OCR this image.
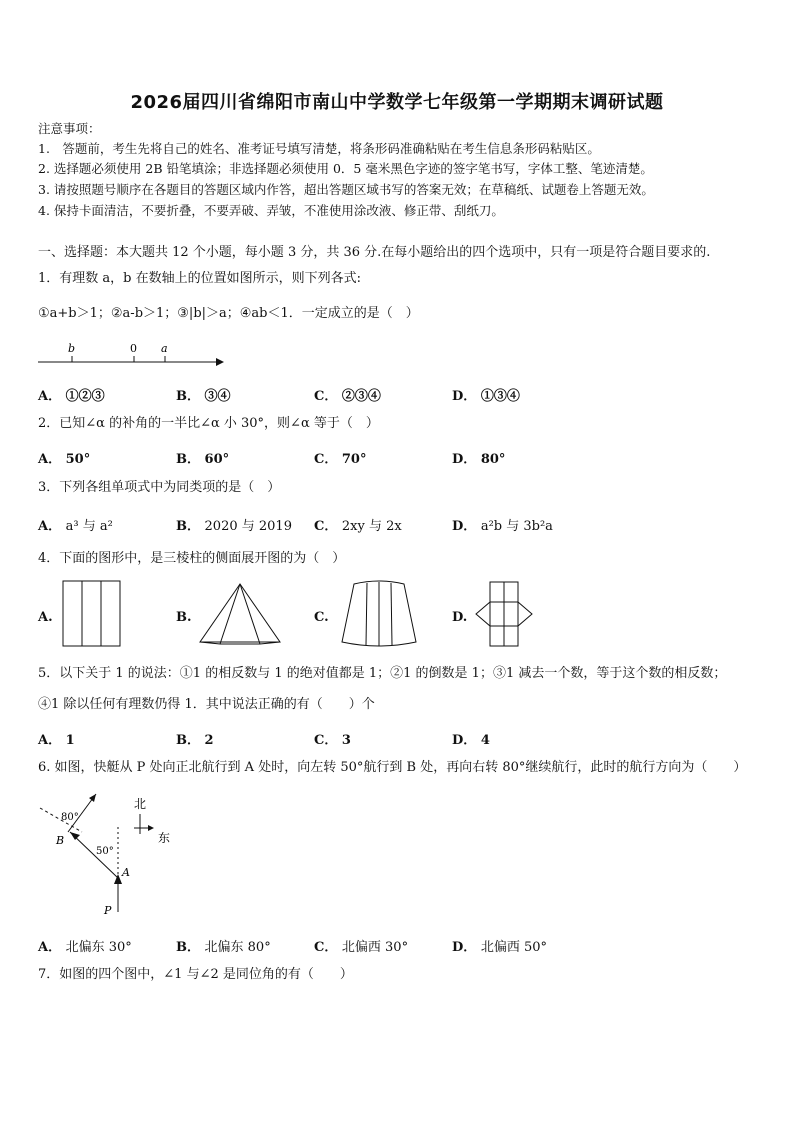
2026届四川省绵阳市南山中学数学七年级第一学期期末调研试题
注意事项：
1.　答题前，考生先将自己的姓名、准考证号填写清楚，将条形码准确粘贴在考生信息条形码粘贴区。
2. 选择题必须使用 2B 铅笔填涂；非选择题必须使用 0．5 毫米黑色字迹的签字笔书写，字体工整、笔迹清楚。
3. 请按照题号顺序在各题目的答题区域内作答，超出答题区域书写的答案无效；在草稿纸、试题卷上答题无效。
4. 保持卡面清洁，不要折叠，不要弄破、弄皱，不准使用涂改液、修正带、刮纸刀。
一、选择题：本大题共 12 个小题，每小题 3 分，共 36 分.在每小题给出的四个选项中，只有一项是符合题目要求的.
1．有理数 a，b 在数轴上的位置如图所示，则下列各式:
①a+b＞1；②a-b＞1；③|b|＞a；④ab＜1．一定成立的是（　）
b	0 a
A． ①②③	B． ③④	C． ②③④	D． ①③④
2．已知∠α 的补角的一半比∠α 小 30°，则∠α 等于（　）
A． 50°	B． 60°	C． 70°	D． 80°
3．下列各组单项式中为同类项的是（　）
A． a³ 与 a²	B． 2020 与 2019 C． 2xy 与 2x	D． a²b 与 3b²a
4．下面的图形中，是三棱柱的侧面展开图的为（　）
A.	B.	C.	D.
5．以下关于 1 的说法：①1 的相反数与 1 的绝对值都是 1；②1 的倒数是 1；③1 减去一个数，等于这个数的相反数；
④1 除以任何有理数仍得 1．其中说法正确的有（　　）个
A． 1	B． 2	C． 3	D． 4
6. 如图，快艇从 P 处向正北航行到 A 处时，向左转 50°航行到 B 处，再向右转 80°继续航行，此时的航行方向为（　　）
80°
50°
B
A
P
北
东
A． 北偏东 30°	B． 北偏东 80°	C． 北偏西 30°	D． 北偏西 50°
7．如图的四个图中，∠1 与∠2 是同位角的有（　　）
